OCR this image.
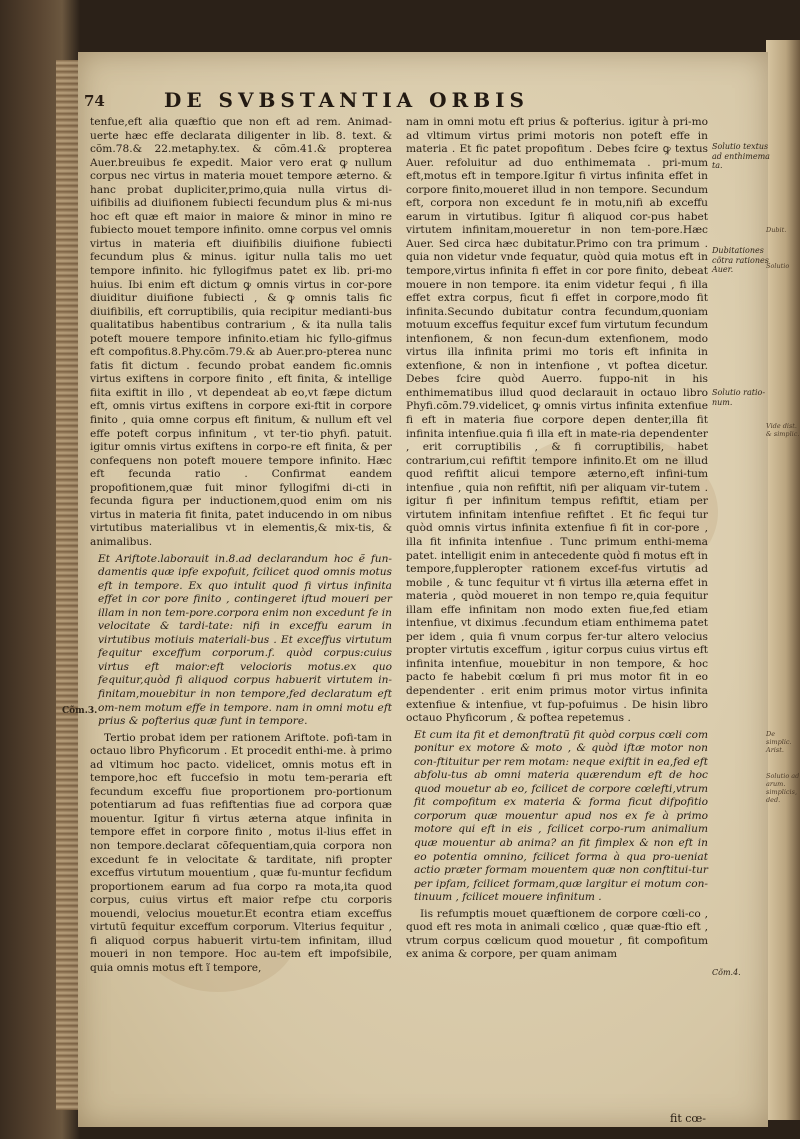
74	DE SVBSTANTIA ORBIS

tenfue,eft alia quæftio que non eft ad rem. Animad-uerte hæc effe declarata diligenter in lib. 8. text. & cõm.78.& 22.metaphy.tex. & cõm.41.& propterea Auer.breuibus fe expedit. Maior vero erat ꝙ nullum corpus nec virtus in materia mouet tempore æterno. & hanc probat dupliciter,primo,quia nulla virtus di-uifibilis ad diuifionem fubiecti fecundum plus & mi-nus hoc eft quæ eft maior in maiore & minor in mino re fubiecto mouet tempore infinito. omne corpus vel omnis virtus in materia eft diuifibilis diuifione fubiecti fecundum plus & minus. igitur nulla talis mo uet tempore infinito. hic fyllogifmus patet ex lib. pri-mo huius. Ibi enim eft dictum ꝙ omnis virtus in cor-pore diuiditur diuifione fubiecti , & ꝙ omnis talis fic diuifibilis, eft corruptibilis, quia recipitur medianti-bus qualitatibus habentibus contrarium , & ita nulla talis poteft mouere tempore infinito.etiam hic fyllo-gifmus eft compofitus.8.Phy.cõm.79.& ab Auer.pro-pterea nunc fatis fit dictum . fecundo probat eandem fic.omnis virtus exiftens in corpore finito , eft finita, & intellige fiita exiftit in illo , vt dependeat ab eo,vt fæpe dictum eft, omnis virtus exiftens in corpore exi-ftit in corpore finito , quia omne corpus eft finitum, & nullum eft vel effe poteft corpus infinitum , vt ter-tio phyfi. patuit. igitur omnis virtus exiftens in corpo-re eft finita, & per confequens non poteft mouere tempore infinito. Hæc eft fecunda ratio . Confirmat eandem propofitionem,quæ fuit minor fyllogifmi di-cti in fecunda figura per inductionem,quod enim om nis virtus in materia fit finita, patet inducendo in om nibus virtutibus materialibus vt in elementis,& mix-tis, & animalibus.

Et Ariftote.laborauit in.8.ad declarandum hoc ẽ fun-damentis quæ ipfe expofuit, fcilicet quod omnis motus eft in tempore. Ex quo intulit quod fi virtus infinita effet in cor pore finito , contingeret iftud moueri per illam in non tem-pore.corpora enim non excedunt fe in velocitate & tardi-tate: nifi in exceffu earum in virtutibus motiuis materiali-bus . Et exceffus virtutum fequitur exceffum corporum.f. quòd corpus:cuius virtus eft maior:eft velocioris motus.ex quo fequitur,quòd fi aliquod corpus habuerit virtutem in-finitam,mouebitur in non tempore,fed declaratum eft om-nem motum effe in tempore. nam in omni motu eft prius & pofterius quæ funt in tempore.

Tertio probat idem per rationem Ariftote. pofi-tam in octauo libro Phyficorum . Et procedit enthi-me. à primo ad vltimum hoc pacto. videlicet, omnis motus eft in tempore,hoc eft fuccefsio in motu tem-peraria eft fecundum exceffu fiue proportionem pro-portionum potentiarum ad fuas refiftentias fiue ad corpora quæ mouentur. Igitur fi virtus æterna atque infinita in tempore effet in corpore finito , motus il-lius effet in non tempore.declarat cõfequentiam,quia corpora non excedunt fe in velocitate & tarditate, nifi propter exceffus virtutum mouentium , quæ fu-muntur fecfidum proportionem earum ad fua corpo ra mota,ita quod corpus, cuius virtus eft maior refpe ctu corporis mouendi, velocius mouetur.Et econtra etiam exceffus virtutũ fequitur exceffum corporum. Vlterius fequitur , fi aliquod corpus habuerit virtu-tem infinitam, illud moueri in non tempore. Hoc au-tem eft impofsibile, quia omnis motus eft ĩ tempore,

nam in omni motu eft prius & pofterius. igitur à pri-mo ad vltimum virtus primi motoris non poteft effe in materia . Et fic patet propofitum . Debes fcire ꝙ textus Auer. refoluitur ad duo enthimemata . pri-mum eft,motus eft in tempore.Igitur fi virtus infinita effet in corpore finito,moueret illud in non tempore. Secundum eft, corpora non excedunt fe in motu,nifi ab exceffu earum in virtutibus. Igitur fi aliquod cor-pus habet virtutem infinitam,moueretur in non tem-pore.Hæc Auer. Sed circa hæc dubitatur.Primo con tra primum . quia non videtur vnde fequatur, quòd quia motus eft in tempore,virtus infinita fi effet in cor pore finito, debeat mouere in non tempore. ita enim videtur fequi , fi illa effet extra corpus, ficut fi effet in corpore,modo fit infinita.Secundo dubitatur contra fecundum,quoniam motuum exceffus fequitur excef fum virtutum fecundum intenfionem, & non fecun-dum extenfionem, modo virtus illa infinita primi mo toris eft infinita in extenfione, & non in intenfione , vt poftea dicetur. Debes fcire quòd Auerro. fuppo-nit in his enthimematibus illud quod declarauit in octauo libro Phyfi.cõm.79.videlicet, ꝙ omnis virtus infinita extenfiue fi eft in materia fiue corpore depen denter,illa fit infinita intenfiue.quia fi illa eft in mate-ria dependenter , erit corruptibilis , & fi corruptibilis, habet contrarium,cui refiftit tempore infinito.Et om ne illud quod refiftit alicui tempore æterno,eft infini-tum intenfiue , quia non refiftit, nifi per aliquam vir-tutem . igitur fi per infinitum tempus refiftit, etiam per virtutem infinitam intenfiue refiftet . Et fic fequi tur quòd omnis virtus infinita extenfiue fi fit in cor-pore , illa fit infinita intenfiue . Tunc primum enthi-mema patet. intelligit enim in antecedente quòd fi motus eft in tempore,fuppleropter rationem excef-fus virtutis ad mobile , & tunc fequitur vt fi virtus illa æterna effet in materia , quòd moueret in non tempo re,quia fequitur illam effe infinitam non modo exten fiue,fed etiam intenfiue, vt diximus .fecundum etiam enthimema patet per idem , quia fi vnum corpus fer-tur altero velocius propter virtutis exceffum , igitur corpus cuius virtus eft infinita intenfiue, mouebitur in non tempore, & hoc pacto fe habebit cœlum fi pri mus motor fit in eo dependenter . erit enim primus motor virtus infinita extenfiue & intenfiue, vt fup-pofuimus . De hisin libro octauo Phyficorum , & poftea repetemus .

Et cum ita fit et demonftratũ fit quòd corpus cœli com ponitur ex motore & moto , & quòd iftæ motor non con-ftituitur per rem motam: neque exiftit in ea,fed eft abfolu-tus ab omni materia quærendum eft de hoc quod mouetur ab eo, fcilicet de corpore cœlefti,vtrum fit compofitum ex materia & forma ficut difpofitio corporum quæ mouentur apud nos ex fe à primo motore qui eft in eis , fcilicet corpo-rum animalium quæ mouentur ab anima? an fit fimplex & non eft in eo potentia omnino, fcilicet forma à qua pro-ueniat actio præter formam mouentem quæ non conftitui-tur per ipfam, fcilicet formam,quæ largitur ei motum con-tinuum , fcilicet mouere infinitum .

Iis refumptis mouet quæftionem de corpore cœli-co , quod eft res mota in animali cœlico , quæ quæ-ftio eft , vtrum corpus cœlicum quod mouetur , fit compofitum ex anima & corpore, per quam animam

fit cœ-
Solutio textus ad enthimema ta.
Dubitationes cõtra rationes Auer.
Solutio ratio-num.
Cõm.3.
Cõm.4.
Dubit.
Solutio
Vide dist. & simplic.
De simplic. Arist.
Solutio ad arum. simplicis, ded.
